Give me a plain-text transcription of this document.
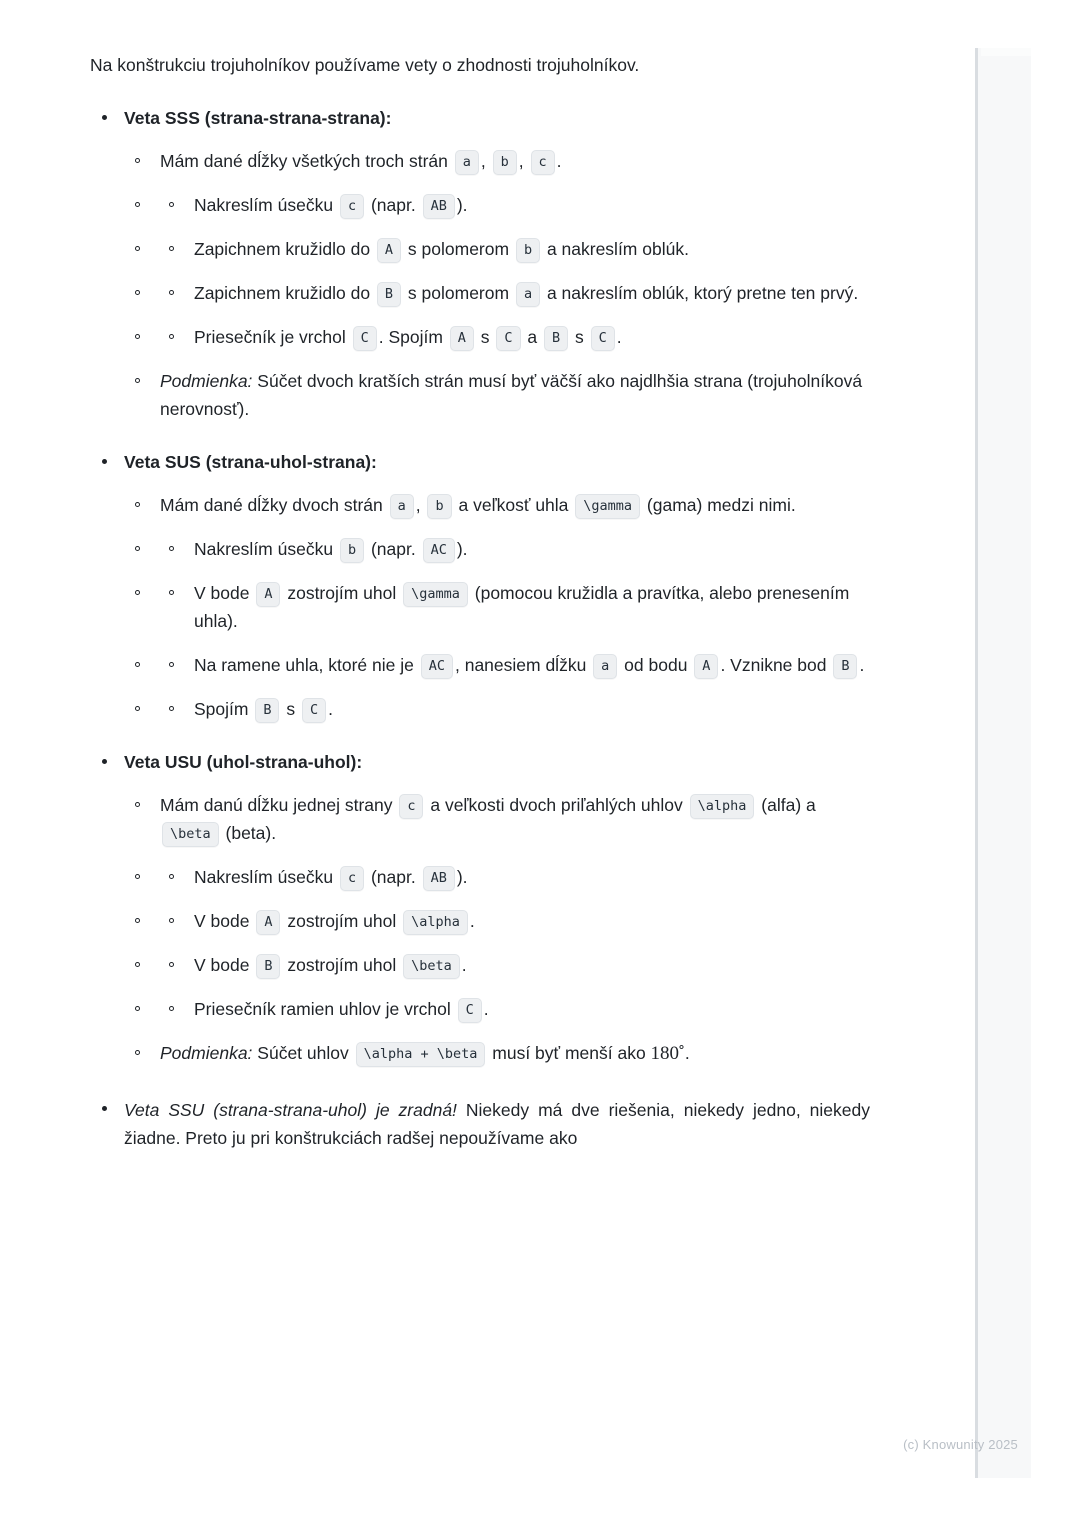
(c) Knowunity 2025

Na konštrukciu trojuholníkov používame vety o zhodnosti trojuholníkov.

Veta SSS (strana-strana-strana):
Mám dané dĺžky všetkých troch strán a , b , c .
Nakreslím úsečku c (napr. AB ).
Zapichnem kružidlo do A s polomerom b a nakreslím oblúk.
Zapichnem kružidlo do B s polomerom a a nakreslím oblúk, ktorý pretne ten prvý.
Priesečník je vrchol C . Spojím A s C a B s C .
Podmienka: Súčet dvoch kratších strán musí byť väčší ako najdlhšia strana (trojuholníková nerovnosť).
Veta SUS (strana-uhol-strana):
Mám dané dĺžky dvoch strán a , b a veľkosť uhla \gamma (gama) medzi nimi.
Nakreslím úsečku b (napr. AC ).
V bode A zostrojím uhol \gamma (pomocou kružidla a pravítka, alebo prenesením uhla).
Na ramene uhla, ktoré nie je AC , nanesiem dĺžku a od bodu A . Vznikne bod B .
Spojím B s C .
Veta USU (uhol-strana-uhol):
Mám danú dĺžku jednej strany c a veľkosti dvoch priľahlých uhlov \alpha (alfa) a \beta (beta).
Nakreslím úsečku c (napr. AB ).
V bode A zostrojím uhol \alpha .
V bode B zostrojím uhol \beta .
Priesečník ramien uhlov je vrchol C .
Podmienka: Súčet uhlov \alpha + \beta musí byť menší ako 180˚.
Veta SSU (strana-strana-uhol) je zradná! Niekedy má dve riešenia, niekedy jedno, niekedy žiadne. Preto ju pri konštrukciách radšej nepoužívame ako
